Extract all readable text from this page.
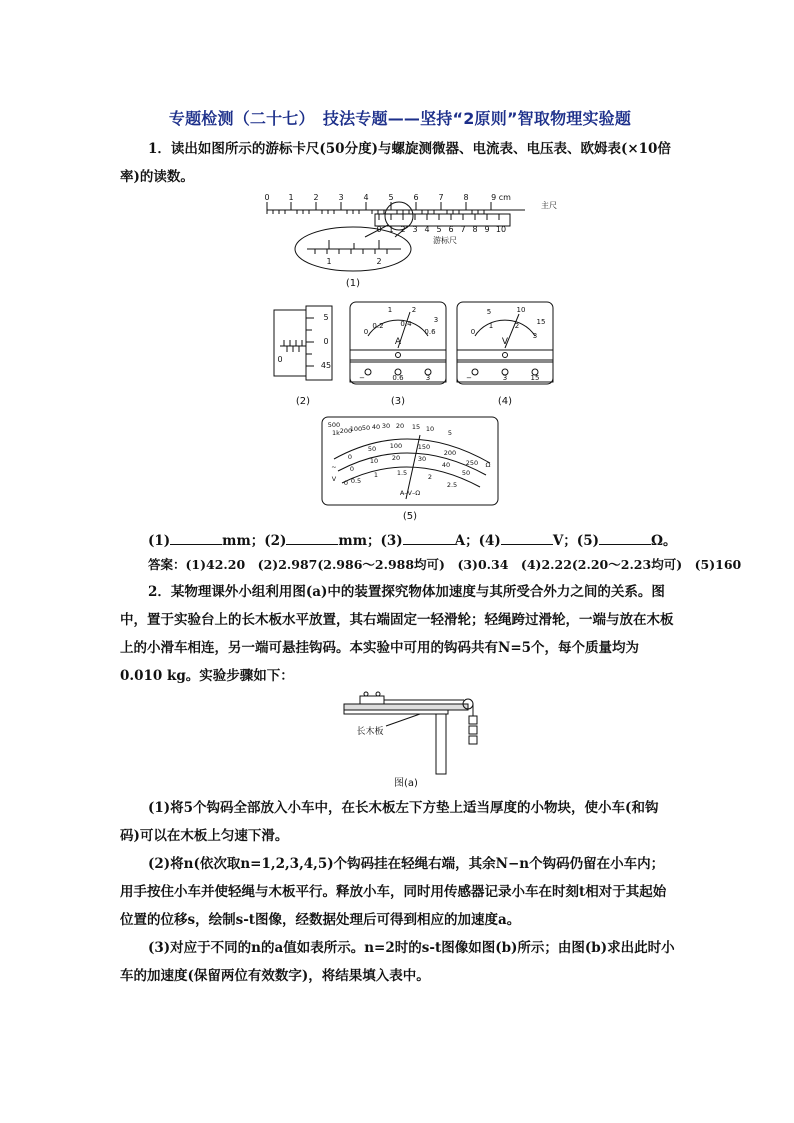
专题检测（二十七）　技法专题——坚持“2原则”智取物理实验题

1．读出如图所示的游标卡尺(50分度)与螺旋测微器、电流表、电压表、欧姆表(×10倍率)的读数。

0 1 2 3 4 5 6 7 8	9 cm
主尺
0 1 2 3 4 5 6 7 8 9 10
游标尺
1	2
(1)
5
0
45
0
(2)
0
0.2
1
0.4
2
0.6
3
A
−	0.6	3
(3)
0
5
1
10
2 15
3
V
−	3	15
(4)
500
1k 200
100 50 40 30 20 15 10 5
0
50 100 150
200
250
0
10 20	30
40
50
0 0.5
1	1.5	2
2.5
Ω
~
V
A–V–Ω
(5)
(1)	mm；(2)	mm；(3)	A；(4)	V；(5)	Ω。
答案：(1)42.20　(2)2.987(2.986～2.988均可)　(3)0.34　(4)2.22(2.20～2.23均可)　(5)160

2．某物理课外小组利用图(a)中的装置探究物体加速度与其所受合外力之间的关系。图中，置于实验台上的长木板水平放置，其右端固定一轻滑轮；轻绳跨过滑轮，一端与放在木板上的小滑车相连，另一端可悬挂钩码。本实验中可用的钩码共有N=5个，每个质量均为0.010 kg。实验步骤如下：

长木板
图(a)

(1)将5个钩码全部放入小车中，在长木板左下方垫上适当厚度的小物块，使小车(和钩码)可以在木板上匀速下滑。

(2)将n(依次取n=1,2,3,4,5)个钩码挂在轻绳右端，其余N−n个钩码仍留在小车内；用手按住小车并使轻绳与木板平行。释放小车，同时用传感器记录小车在时刻t相对于其起始位置的位移s，绘制s-t图像，经数据处理后可得到相应的加速度a。

(3)对应于不同的n的a值如表所示。n=2时的s-t图像如图(b)所示；由图(b)求出此时小车的加速度(保留两位有效数字)，将结果填入表中。
